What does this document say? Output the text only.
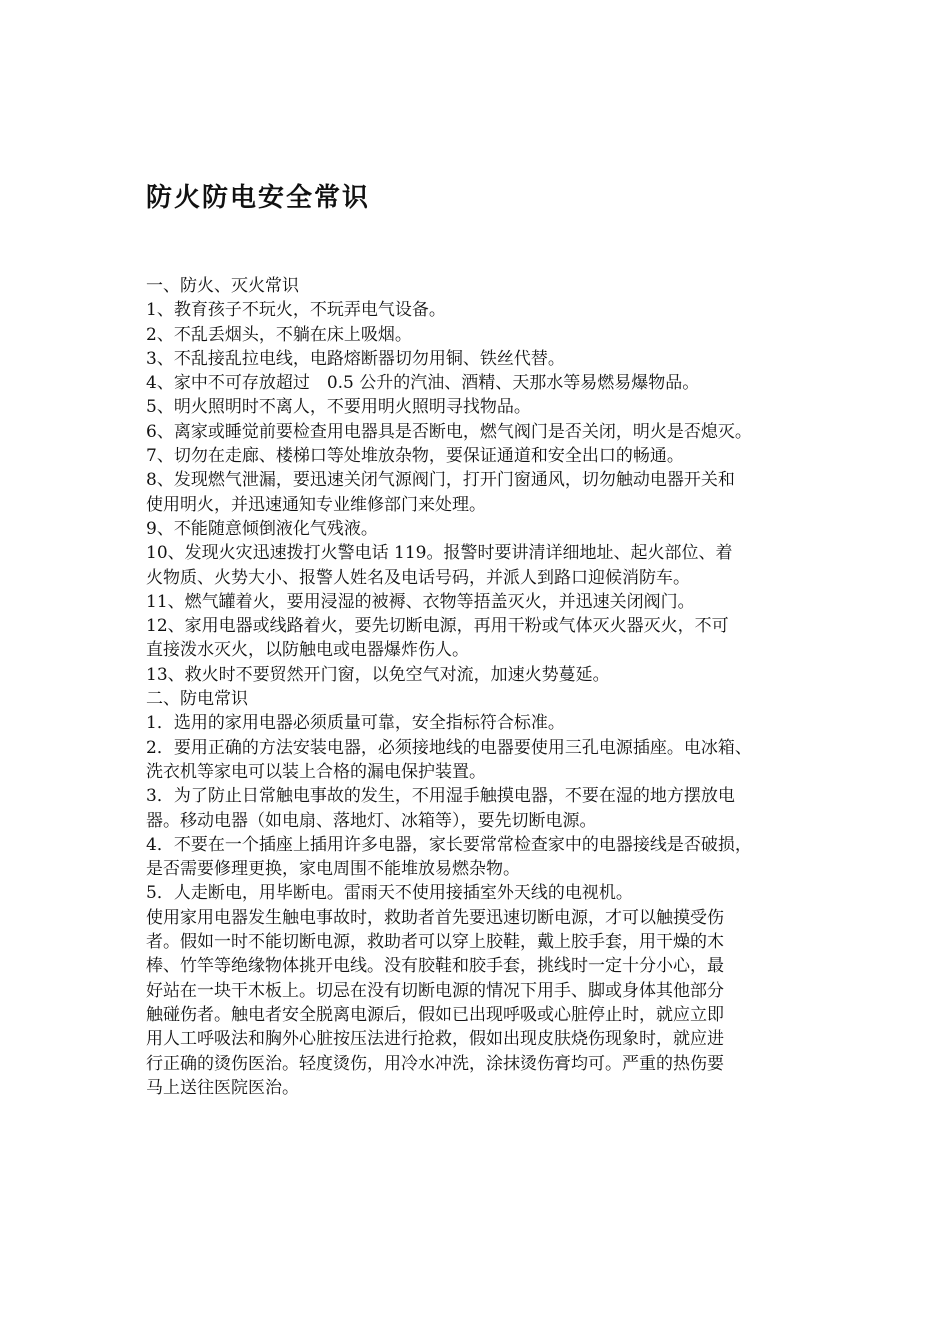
防火防电安全常识
一、防火、灭火常识
1、教育孩子不玩火，不玩弄电气设备。
2、不乱丢烟头，不躺在床上吸烟。
3、不乱接乱拉电线，电路熔断器切勿用铜、铁丝代替。
4、家中不可存放超过　0.5 公升的汽油、酒精、天那水等易燃易爆物品。
5、明火照明时不离人，不要用明火照明寻找物品。
6、离家或睡觉前要检查用电器具是否断电，燃气阀门是否关闭，明火是否熄灭。
7、切勿在走廊、楼梯口等处堆放杂物，要保证通道和安全出口的畅通。
8、发现燃气泄漏，要迅速关闭气源阀门，打开门窗通风，切勿触动电器开关和
使用明火，并迅速通知专业维修部门来处理。
9、不能随意倾倒液化气残液。
10、发现火灾迅速拨打火警电话 119。报警时要讲清详细地址、起火部位、着
火物质、火势大小、报警人姓名及电话号码，并派人到路口迎候消防车。
11、燃气罐着火，要用浸湿的被褥、衣物等捂盖灭火，并迅速关闭阀门。
12、家用电器或线路着火，要先切断电源，再用干粉或气体灭火器灭火，不可
直接泼水灭火，以防触电或电器爆炸伤人。
13、救火时不要贸然开门窗，以免空气对流，加速火势蔓延。
二、防电常识
1．选用的家用电器必须质量可靠，安全指标符合标准。
2．要用正确的方法安装电器，必须接地线的电器要使用三孔电源插座。电冰箱、
洗衣机等家电可以装上合格的漏电保护装置。
3．为了防止日常触电事故的发生，不用湿手触摸电器，不要在湿的地方摆放电
器。移动电器（如电扇、落地灯、冰箱等），要先切断电源。
4．不要在一个插座上插用许多电器，家长要常常检查家中的电器接线是否破损，
是否需要修理更换，家电周围不能堆放易燃杂物。
5．人走断电，用毕断电。雷雨天不使用接插室外天线的电视机。
使用家用电器发生触电事故时，救助者首先要迅速切断电源，才可以触摸受伤
者。假如一时不能切断电源，救助者可以穿上胶鞋，戴上胶手套，用干燥的木
棒、竹竿等绝缘物体挑开电线。没有胶鞋和胶手套，挑线时一定十分小心，最
好站在一块干木板上。切忌在没有切断电源的情况下用手、脚或身体其他部分
触碰伤者。触电者安全脱离电源后，假如已出现呼吸或心脏停止时，就应立即
用人工呼吸法和胸外心脏按压法进行抢救，假如出现皮肤烧伤现象时，就应进
行正确的烫伤医治。轻度烫伤，用冷水冲洗，涂抹烫伤膏均可。严重的热伤要
马上送往医院医治。
